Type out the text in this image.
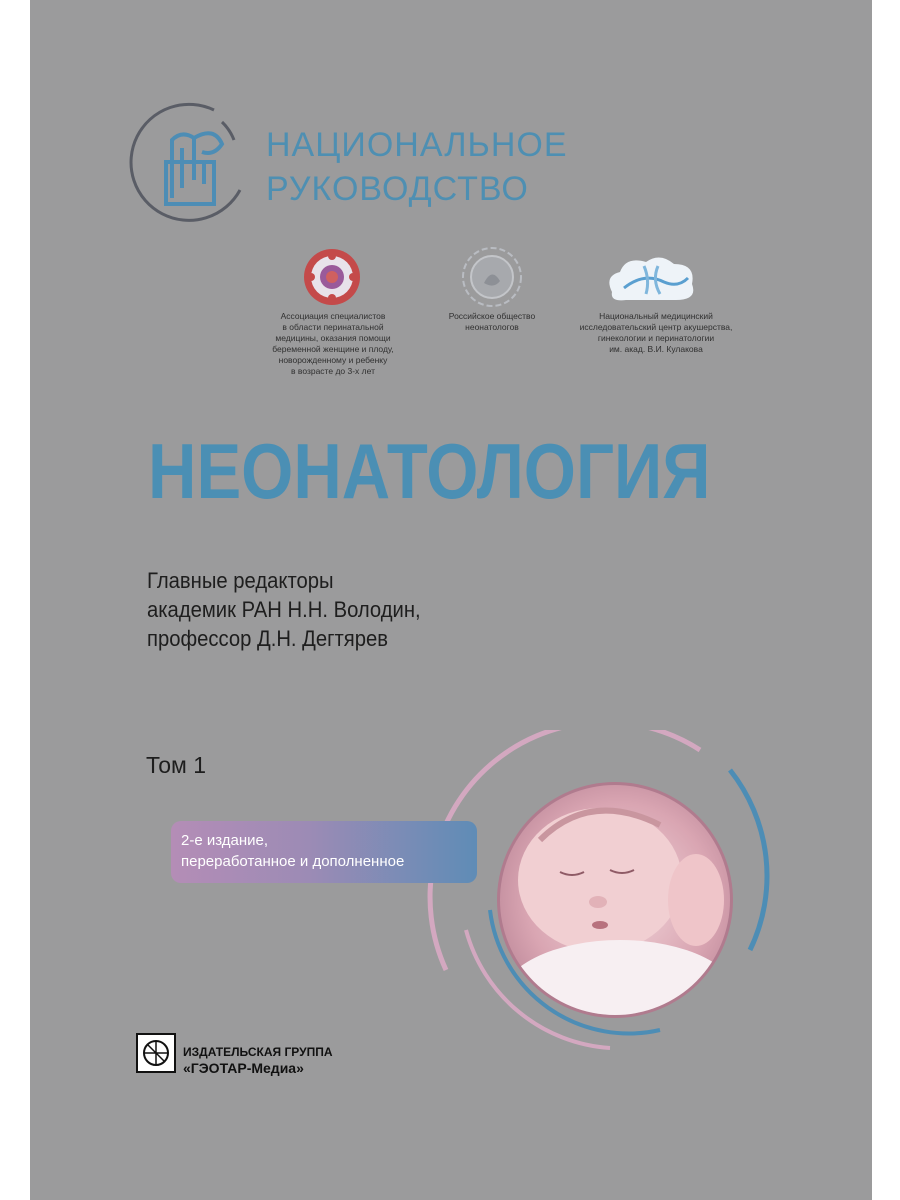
НАЦИОНАЛЬНОЕ
РУКОВОДСТВО
Ассоциация специалистов
в области перинатальной
медицины, оказания помощи
беременной женщине и плоду,
новорожденному и ребенку
в возрасте до 3-х лет
Российское общество
неонатологов
Национальный медицинский
исследовательский центр акушерства,
гинекологии и перинатологии
им. акад. В.И. Кулакова
НЕОНАТОЛОГИЯ
Главные редакторы
академик РАН Н.Н. Володин,
профессор Д.Н. Дегтярев
Том 1
2-е издание,
переработанное и дополненное
ИЗДАТЕЛЬСКАЯ ГРУППА
«ГЭОТАР-Медиа»
